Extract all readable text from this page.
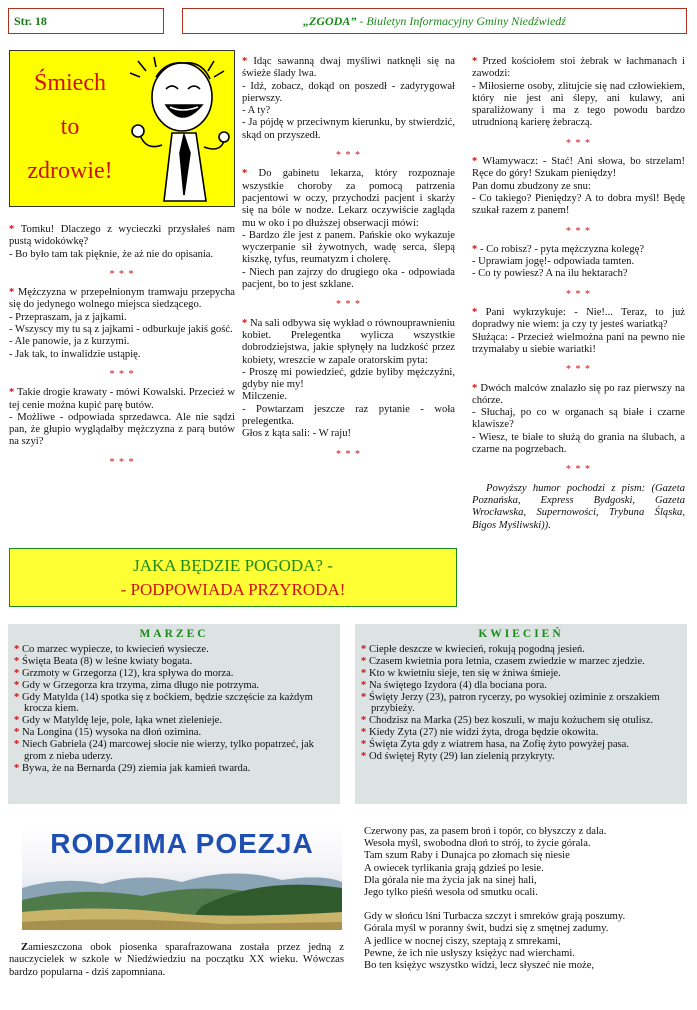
Str. 18	„ZGODA” - Biuletyn Informacyjny Gminy Niedźwiedź
Śmiech
to
zdrowie!

* Tomku! Dlaczego z wycieczki przysłałeś nam pustą widokówkę?

- Bo było tam tak pięknie, że aż nie do opisania.

* * *

* Mężczyzna w przepełnionym tramwaju przepycha się do jedynego wolnego miejsca siedzącego.

- Przepraszam, ja z jajkami.

- Wszyscy my tu są z jajkami - odburkuje jakiś gość.

- Ale panowie, ja z kurzymi.

- Jak tak, to inwalidzie ustąpię.

* * *

* Takie drogie krawaty - mówi Kowalski. Przecież w tej cenie można kupić parę butów.

- Możliwe - odpowiada sprzedawca. Ale nie sądzi pan, że głupio wyglądałby mężczyzna z parą butów na szyi?

* * *

* Idąc sawanną dwaj myśliwi natknęli się na świeże ślady lwa.

- Idź, zobacz, dokąd on poszedł - zadyrygował pierwszy.

- A ty?

- Ja pójdę w przeciwnym kierunku, by stwierdzić, skąd on przyszedł.

* * *

* Do gabinetu lekarza, który rozpoznaje wszystkie choroby za pomocą patrzenia pacjentowi w oczy, przychodzi pacjent i skarży się na bóle w nodze. Lekarz oczywiście zagląda mu w oko i po dłuższej obserwacji mówi:

- Bardzo źle jest z panem. Pańskie oko wykazuje wyczerpanie sił żywotnych, wadę serca, ślepą kiszkę, tyfus, reumatyzm i cholerę.

- Niech pan zajrzy do drugiego oka - odpowiada pacjent, bo to jest szklane.

* * *

* Na sali odbywa się wykład o równouprawnieniu kobiet. Prelegentka wylicza wszystkie dobrodziejstwa, jakie spłynęły na ludzkość przez kobiety, wreszcie w zapale oratorskim pyta:

- Proszę mi powiedzieć, gdzie byliby mężczyźni, gdyby nie my!

Milczenie.

- Powtarzam jeszcze raz pytanie - woła prelegentka.

Głos z kąta sali: - W raju!

* * *

* Przed kościołem stoi żebrak w łachmanach i zawodzi:

- Miłosierne osoby, zlitujcie się nad człowiekiem, który nie jest ani ślepy, ani kulawy, ani sparaliżowany i ma z tego powodu bardzo utrudnioną karierę żebraczą.

* * *

* Włamywacz: - Stać! Ani słowa, bo strzelam! Ręce do góry! Szukam pieniędzy!

Pan domu zbudzony ze snu:

- Co takiego? Pieniędzy? A to dobra myśl! Będę szukał razem z panem!

* * *

* - Co robisz? - pyta mężczyzna kolegę?

- Uprawiam jogę!- odpowiada tamten.

- Co ty powiesz? A na ilu hektarach?

* * *

* Pani wykrzykuje: - Nie!... Teraz, to już dopradwy nie wiem: ja czy ty jesteś wariatką?

Służąca: - Przecież wielmożna pani na pewno nie trzymałaby u siebie wariatki!

* * *

* Dwóch malców znalazło się po raz pierwszy na chórze.

- Słuchaj, po co w organach są białe i czarne klawisze?

- Wiesz, te białe to służą do grania na ślubach, a czarne na pogrzebach.

* * *

Powyższy humor pochodzi z pism: (Gazeta Poznańska, Express Bydgoski, Gazeta Wrocławska, Supernowości, Trybuna Śląska, Bigos Myśliwski)).

JAKA BĘDZIE POGODA? -
- PODPOWIADA PRZYRODA!
MARZEC
* Co marzec wypiecze, to kwiecień wysiecze.
* Święta Beata (8) w leśne kwiaty bogata.
* Grzmoty w Grzegorza (12), kra spływa do morza.
* Gdy w Grzegorza kra trzyma, zima długo nie potrzyma.
* Gdy Matylda (14) spotka się z boćkiem, będzie szczęście za każdym krocza kiem.
* Gdy w Matyldę leje, pole, łąka wnet zielenieje.
* Na Longina (15) wysoka na dłoń ozimina.
* Niech Gabriela (24) marcowej słocie nie wierzy, tylko popatrzeć, jak grom z nieba uderzy.
* Bywa, że na Bernarda (29) ziemia jak kamień twarda.
KWIECIEŃ
* Ciepłe deszcze w kwiecień, rokują pogodną jesień.
* Czasem kwietnia pora letnia, czasem zwiedzie w marzec zjedzie.
* Kto w kwietniu sieje, ten się w żniwa śmieje.
* Na świętego Izydora (4) dla bociana pora.
* Święty Jerzy (23), patron rycerzy, po wysokiej oziminie z orszakiem przybieży.
* Chodzisz na Marka (25) bez koszuli, w maju kożuchem się otulisz.
* Kiedy Zyta (27) nie widzi żyta, droga będzie okowita.
* Święta Zyta gdy z wiatrem hasa, na Zofię żyto powyżej pasa.
* Od świętej Ryty (29) łan zielenią przykryty.
RODZIMA POEZJA

Zamieszczona obok piosenka sparafrazowana została przez jedną z nauczycielek w szkole w Niedźwiedziu na początku XX wieku. Wówczas bardzo popularna - dziś zapomniana.

Czerwony pas, za pasem broń i topór, co błyszczy z dala.
Wesoła myśl, swobodna dłoń to strój, to życie górala.
Tam szum Raby i Dunajca po złomach się niesie
A owiecek tyrlikania grają gdzieś po lesie.
Dla górala nie ma życia jak na sinej hali,
Jego tylko pieśń wesoła od smutku ocali.
Gdy w słońcu lśni Turbacza szczyt i smreków grają poszumy.
Górala myśl w poranny świt, budzi się z smętnej zadumy.
A jedlice w nocnej ciszy, szeptają z smrekami,
Pewne, że ich nie usłyszy księżyc nad wierchami.
Bo ten księżyc wszystko widzi, lecz słyszeć nie może,
